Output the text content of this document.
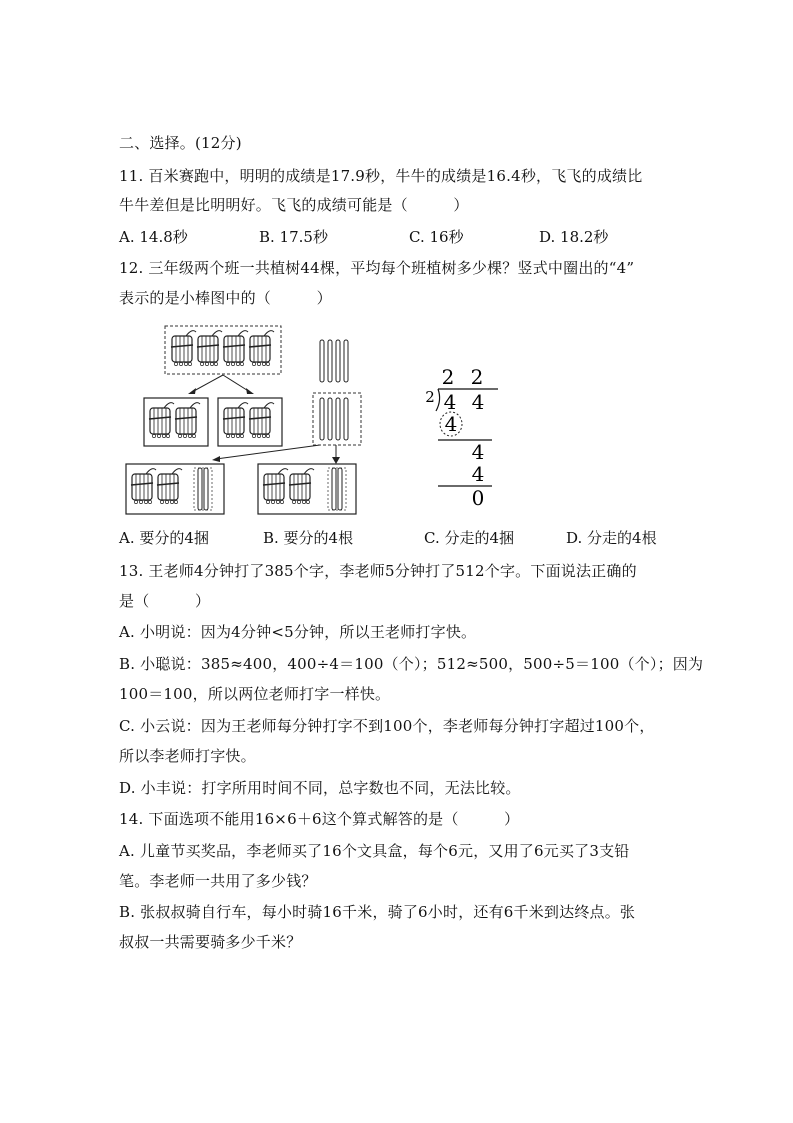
二、选择。(12分)
11. 百米赛跑中，明明的成绩是17.9秒，牛牛的成绩是16.4秒，飞飞的成绩比
牛牛差但是比明明好。飞飞的成绩可能是（　　　）
A. 14.8秒	B. 17.5秒	C. 16秒	D. 18.2秒
12. 三年级两个班一共植树44棵，平均每个班植树多少棵？竖式中圈出的“4”
表示的是小棒图中的（　　　）
2 2
2 4 4
4
4
4
0
A. 要分的4捆	B. 要分的4根	C. 分走的4捆	D. 分走的4根
13. 王老师4分钟打了385个字，李老师5分钟打了512个字。下面说法正确的
是（　　　）
A. 小明说：因为4分钟<5分钟，所以王老师打字快。
B. 小聪说：385≈400，400÷4＝100（个）；512≈500，500÷5＝100（个）；因为
100＝100，所以两位老师打字一样快。
C. 小云说：因为王老师每分钟打字不到100个，李老师每分钟打字超过100个，
所以李老师打字快。
D. 小丰说：打字所用时间不同，总字数也不同，无法比较。
14. 下面选项不能用16×6＋6这个算式解答的是（　　　）
A. 儿童节买奖品，李老师买了16个文具盒，每个6元，又用了6元买了3支铅
笔。李老师一共用了多少钱？
B. 张叔叔骑自行车，每小时骑16千米，骑了6小时，还有6千米到达终点。张
叔叔一共需要骑多少千米？
